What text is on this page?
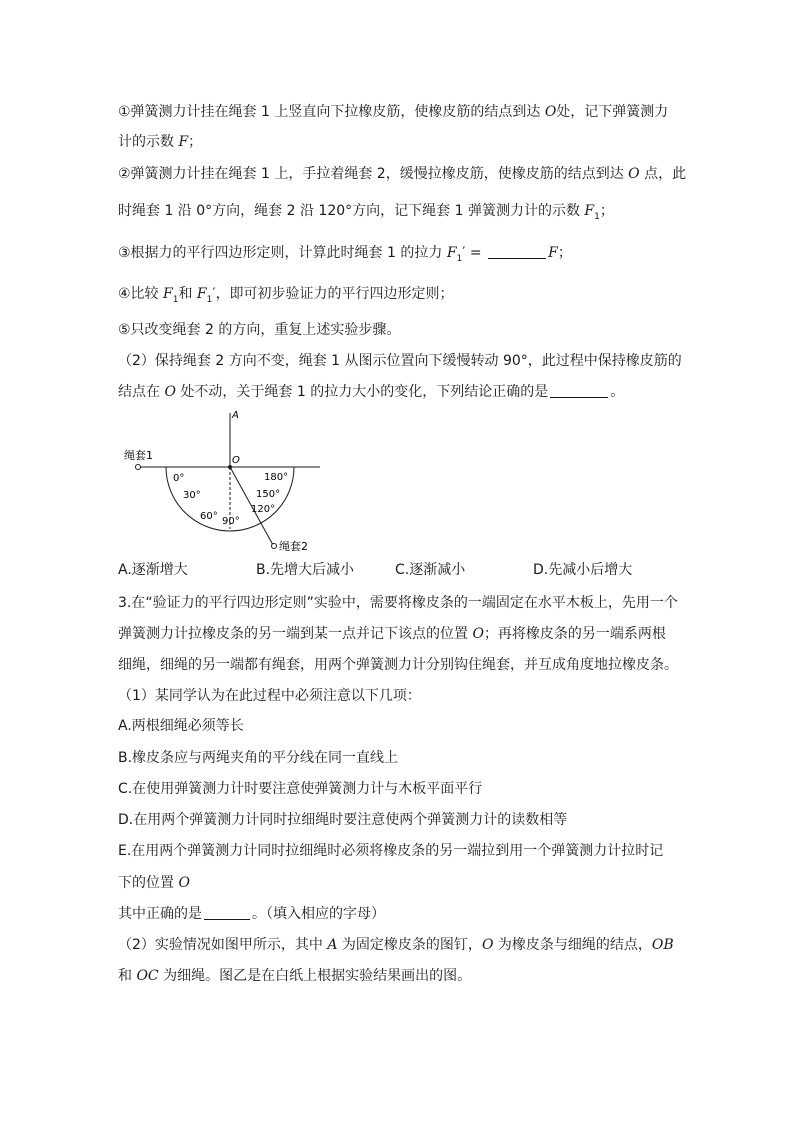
①弹簧测力计挂在绳套 1 上竖直向下拉橡皮筋，使橡皮筋的结点到达 O处，记下弹簧测力
计的示数 F；
②弹簧测力计挂在绳套 1 上，手拉着绳套 2，缓慢拉橡皮筋，使橡皮筋的结点到达 O 点，此
时绳套 1 沿 0°方向，绳套 2 沿 120°方向，记下绳套 1 弹簧测力计的示数 $F_1$；
③根据力的平行四边形定则，计算此时绳套 1 的拉力 $F_1'$ =	F；
④比较 $F_1$和 $F_1'$，即可初步验证力的平行四边形定则；
⑤只改变绳套 2 的方向，重复上述实验步骤。
（2）保持绳套 2 方向不变，绳套 1 从图示位置向下缓慢转动 90°，此过程中保持橡皮筋的
结点在 O 处不动，关于绳套 1 的拉力大小的变化，下列结论正确的是	。
A
绳套1
绳套2
O
0°
30°
60° 90°
120°
150°
180°
A.逐渐增大	B.先增大后减小	C.逐渐减小	D.先减小后增大
3.在“验证力的平行四边形定则”实验中，需要将橡皮条的一端固定在水平木板上，先用一个
弹簧测力计拉橡皮条的另一端到某一点并记下该点的位置 O；再将橡皮条的另一端系两根
细绳，细绳的另一端都有绳套，用两个弹簧测力计分别钩住绳套，并互成角度地拉橡皮条。
（1）某同学认为在此过程中必须注意以下几项：
A.两根细绳必须等长
B.橡皮条应与两绳夹角的平分线在同一直线上
C.在使用弹簧测力计时要注意使弹簧测力计与木板平面平行
D.在用两个弹簧测力计同时拉细绳时要注意使两个弹簧测力计的读数相等
E.在用两个弹簧测力计同时拉细绳时必须将橡皮条的另一端拉到用一个弹簧测力计拉时记
下的位置 O
其中正确的是	。（填入相应的字母）
（2）实验情况如图甲所示，其中 A 为固定橡皮条的图钉，O 为橡皮条与细绳的结点，OB
和 OC 为细绳。图乙是在白纸上根据实验结果画出的图。
